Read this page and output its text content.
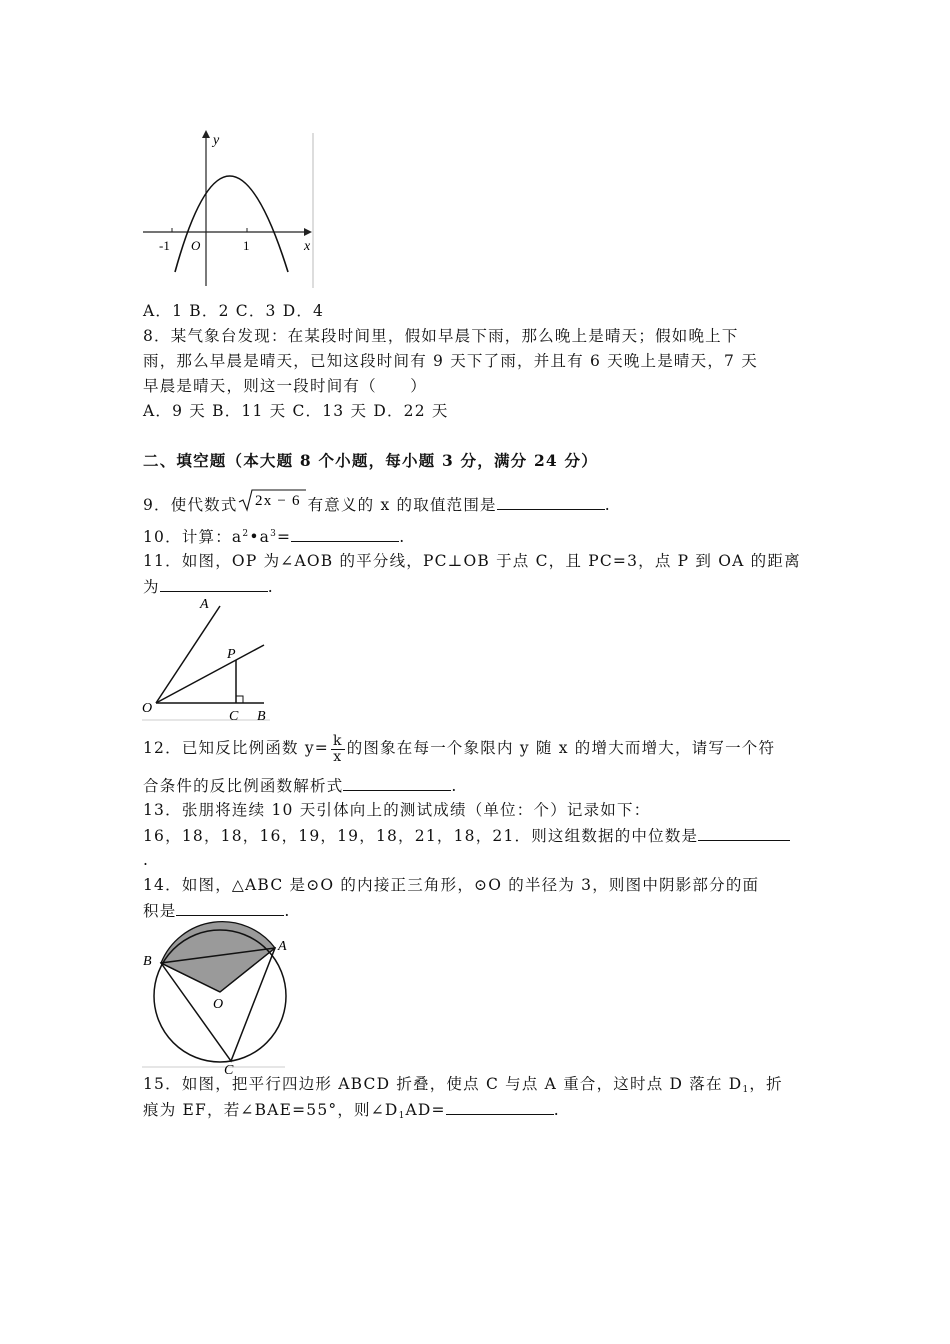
y
x
O
-1	1
A．1 B．2 C．3 D．4
8．某气象台发现：在某段时间里，假如早晨下雨，那么晚上是晴天；假如晚上下
雨，那么早晨是晴天，已知这段时间有 9 天下了雨，并且有 6 天晚上是晴天，7 天
早晨是晴天，则这一段时间有（　　）
A．9 天 B．11 天 C．13 天 D．22 天
二、填空题（本大题 8 个小题，每小题 3 分，满分 24 分）
9．使代数式 2x − 6 有意义的 x 的取值范围是	.
10．计算：$a^2•a^3=$	.
11．如图，OP 为∠AOB 的平分线，PC⊥OB 于点 C，且 PC=3，点 P 到 OA 的距离
为	.
A
P
O
C B
12．已知反比例函数 $y= \frac{k}{x}$ 的图象在每一个象限内 y 随 x 的增大而增大，请写一个符
合条件的反比例函数解析式	.
13．张朋将连续 10 天引体向上的测试成绩（单位：个）记录如下：
16，18，18，16，19，19，18，21，18，21．则这组数据的中位数是
.
14．如图，△ABC 是⊙O 的内接正三角形，⊙O 的半径为 3，则图中阴影部分的面
积是	.
A
B
O
C
15．如图，把平行四边形 ABCD 折叠，使点 C 与点 A 重合，这时点 D 落在 $D_1$，折
痕为 EF，若∠BAE=55°，则$\angle D_1AD=$	.
